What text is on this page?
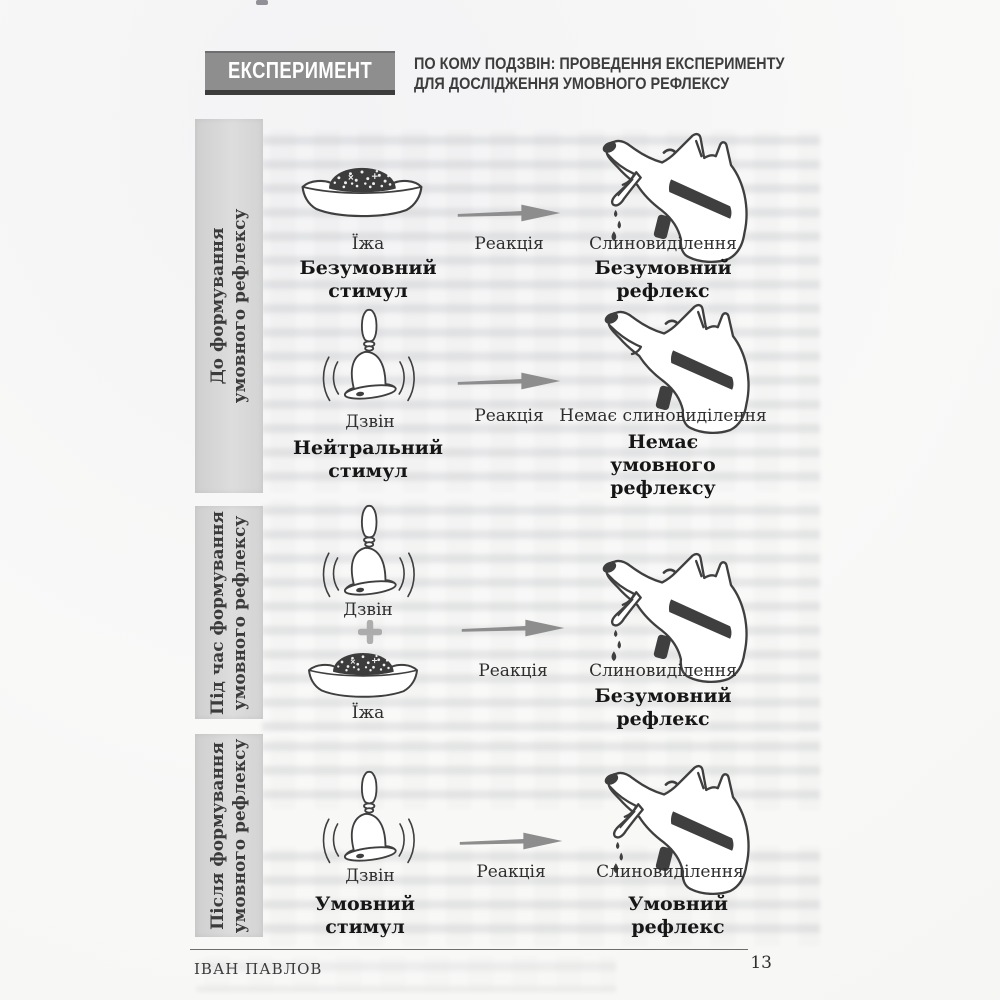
ЕКСПЕРИМЕНТ ПО КОМУ ПОДЗВІН: ПРОВЕДЕННЯ ЕКСПЕРИМЕНТУ
ДЛЯ ДОСЛІДЖЕННЯ УМОВНОГО РЕФЛЕКСУ
До формування умовного рефлексу
Під час формування умовного рефлексу
Після формування умовного рефлексу
Їжа	Реакція	Слиновиділення
Безумовний стимул
Безумовний рефлекс
Дзвін	Реакція Немає слиновиділення
Нейтральний стимул
Немає умовного рефлексу
Дзвін
Їжа
Реакція	Слиновиділення
Безумовний рефлекс
Дзвін	Реакція	Слиновиділення
Умовний стимул
Умовний рефлекс
ІВАН ПАВЛОВ	13
